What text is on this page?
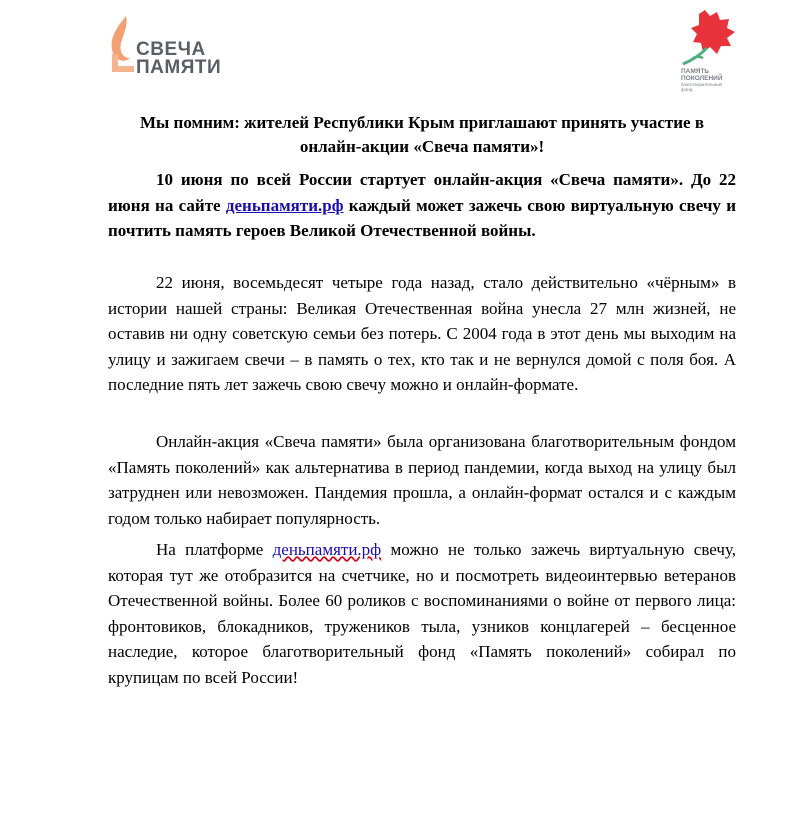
СВЕЧА
ПАМЯТИ	ПАМЯТЬ
ПОКОЛЕНИЙ
благотворительный
фонд
Мы помним: жителей Республики Крым приглашают принять участие в онлайн-акции «Свеча памяти»!

10 июня по всей России стартует онлайн-акция «Свеча памяти». До 22 июня на сайте деньпамяти.рф каждый может зажечь свою виртуальную свечу и почтить память героев Великой Отечественной войны.

22 июня, восемьдесят четыре года назад, стало действительно «чёрным» в истории нашей страны: Великая Отечественная война унесла 27 млн жизней, не оставив ни одну советскую семьи без потерь. С 2004 года в этот день мы выходим на улицу и зажигаем свечи – в память о тех, кто так и не вернулся домой с поля боя. А последние пять лет зажечь свою свечу можно и онлайн-формате.

Онлайн-акция «Свеча памяти» была организована благотворительным фондом «Память поколений» как альтернатива в период пандемии, когда выход на улицу был затруднен или невозможен. Пандемия прошла, а онлайн-формат остался и с каждым годом только набирает популярность.

На платформе деньпамяти.рф можно не только зажечь виртуальную свечу, которая тут же отобразится на счетчике, но и посмотреть видеоинтервью ветеранов Отечественной войны. Более 60 роликов с воспоминаниями о войне от первого лица: фронтовиков, блокадников, тружеников тыла, узников концлагерей – бесценное наследие, которое благотворительный фонд «Память поколений» собирал по крупицам по всей России!
